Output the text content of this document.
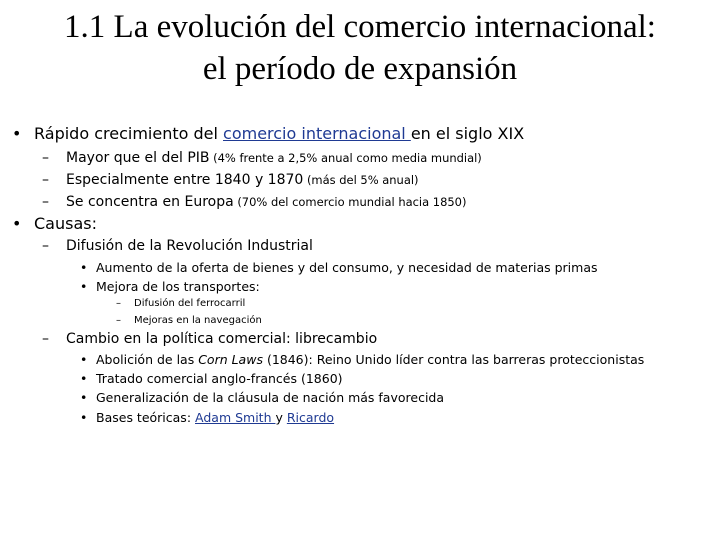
1.1 La evolución del comercio internacional:
el período de expansión
• Rápido crecimiento del comercio internacional en el siglo XIX
– Mayor que el del PIB (4% frente a 2,5% anual como media mundial)
– Especialmente entre 1840 y 1870 (más del 5% anual)
– Se concentra en Europa (70% del comercio mundial hacia 1850)
• Causas:
– Difusión de la Revolución Industrial
• Aumento de la oferta de bienes y del consumo, y necesidad de materias primas
• Mejora de los transportes:
– Difusión del ferrocarril
– Mejoras en la navegación
– Cambio en la política comercial: librecambio
• Abolición de las Corn Laws (1846): Reino Unido líder contra las barreras proteccionistas
• Tratado comercial anglo-francés (1860)
• Generalización de la cláusula de nación más favorecida
• Bases teóricas: Adam Smith y Ricardo
